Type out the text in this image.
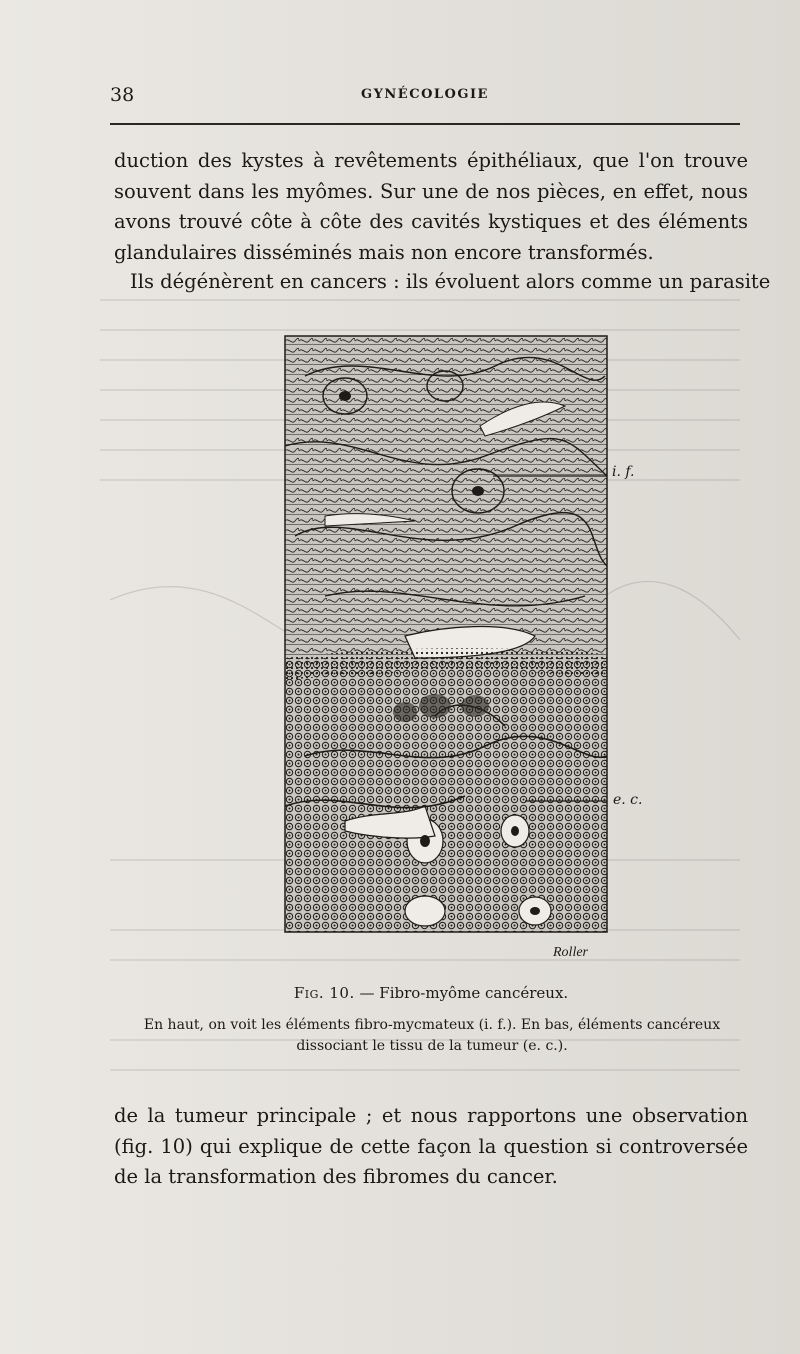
38	GYNÉCOLOGIE

duction des kystes à revêtements épithéliaux, que l'on trouve souvent dans les myômes. Sur une de nos pièces, en effet, nous avons trouvé côte à côte des cavités kystiques et des éléments glandulaires disséminés mais non encore transformés.

Ils dégénèrent en cancers : ils évoluent alors comme un parasite

Roller
i. f.
e. c.
Fig. 10. — Fibro-myôme cancéreux.
En haut, on voit les éléments fibro-mycmateux (i. f.). En bas, éléments cancéreux dissociant le tissu de la tumeur (e. c.).

de la tumeur principale ; et nous rapportons une observation (fig. 10) qui explique de cette façon la question si controversée de la transformation des fibromes du cancer.
